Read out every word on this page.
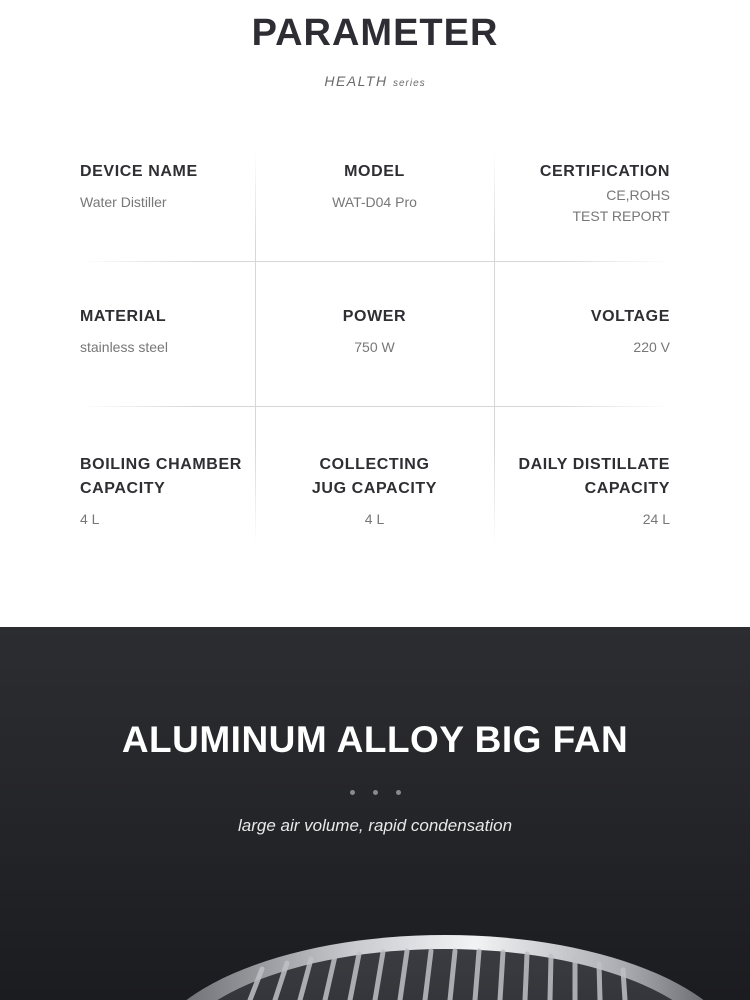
PARAMETER
HEALTH series
DEVICE NAME
Water Distiller
MODEL
WAT-D04 Pro
CERTIFICATION
CE,ROHS
TEST REPORT
MATERIAL
stainless steel
POWER
750 W
VOLTAGE
220 V
BOILING CHAMBER
CAPACITY
4 L
COLLECTING
JUG CAPACITY
4 L
DAILY DISTILLATE
CAPACITY
24 L
ALUMINUM ALLOY BIG FAN
large air volume, rapid condensation
